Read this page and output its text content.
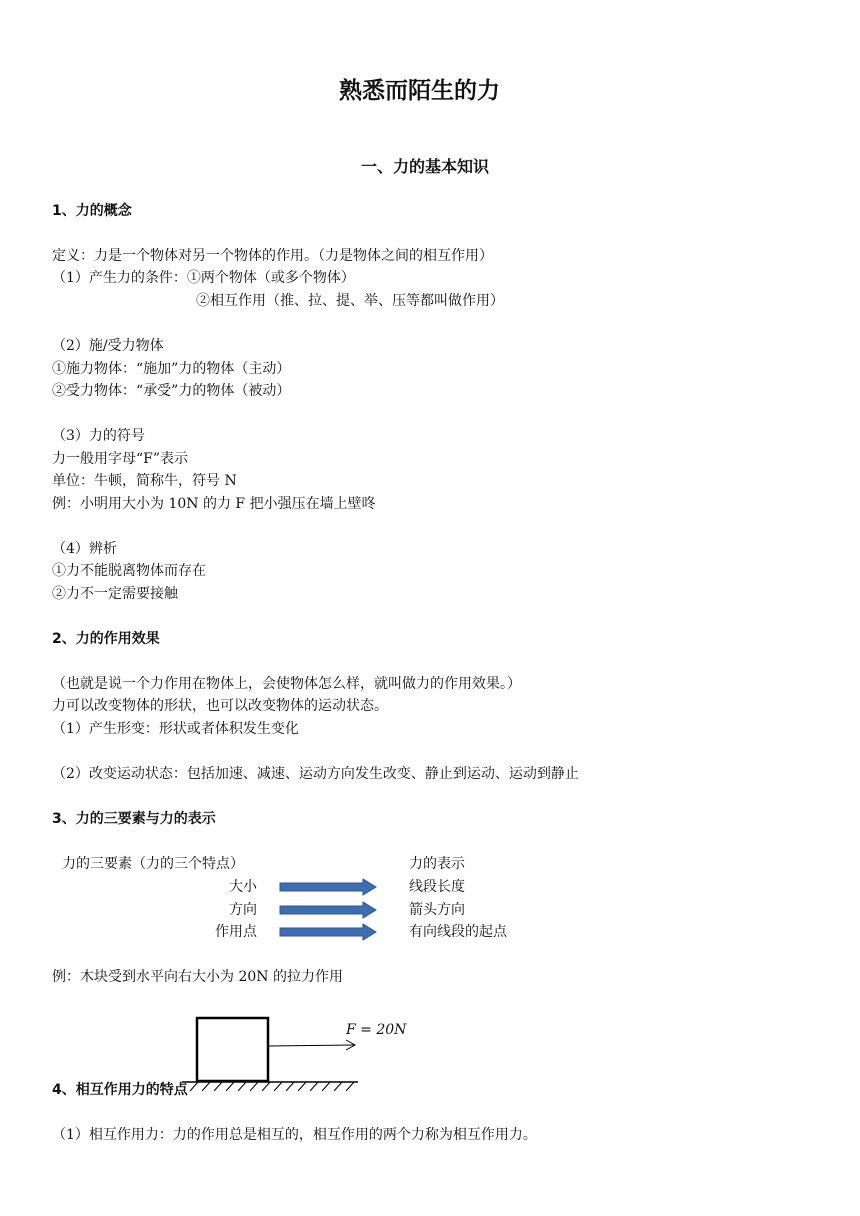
熟悉而陌生的力
一、力的基本知识
1、力的概念
定义：力是一个物体对另一个物体的作用。（力是物体之间的相互作用）
（1）产生力的条件：①两个物体（或多个物体）
②相互作用（推、拉、提、举、压等都叫做作用）
（2）施/受力物体
①施力物体：“施加”力的物体（主动）
②受力物体：“承受”力的物体（被动）
（3）力的符号
力一般用字母“F”表示
单位：牛顿，简称牛，符号 N
例：小明用大小为 10N 的力 F 把小强压在墙上壁咚
（4）辨析
①力不能脱离物体而存在
②力不一定需要接触
2、力的作用效果
（也就是说一个力作用在物体上，会使物体怎么样，就叫做力的作用效果。）
力可以改变物体的形状，也可以改变物体的运动状态。
（1）产生形变：形状或者体积发生变化
（2）改变运动状态：包括加速、减速、运动方向发生改变、静止到运动、运动到静止
3、力的三要素与力的表示
力的三要素（力的三个特点）	力的表示
大小	线段长度
方向	箭头方向
作用点	有向线段的起点
例：木块受到水平向右大小为 20N 的拉力作用
F = 20N
4、相互作用力的特点
（1）相互作用力：力的作用总是相互的，相互作用的两个力称为相互作用力。
